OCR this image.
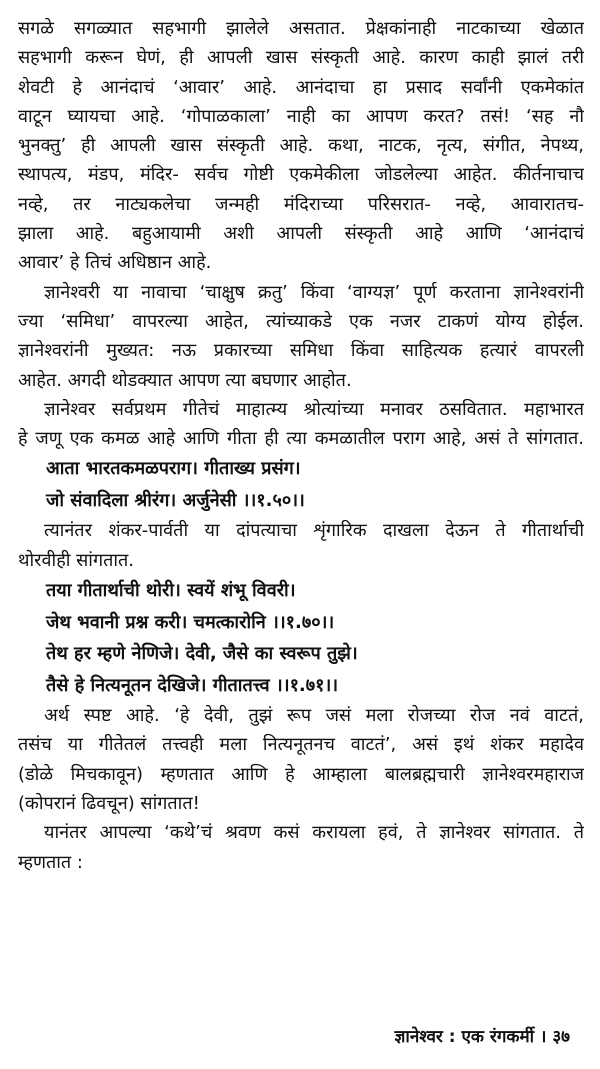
सगळे सगळ्यात सहभागी झालेले असतात. प्रेक्षकांनाही नाटकाच्या खेळात
सहभागी करून घेणं, ही आपली खास संस्कृती आहे. कारण काही झालं तरी
शेवटी हे आनंदाचं ‘आवार’ आहे. आनंदाचा हा प्रसाद सर्वांनी एकमेकांत
वाटून घ्यायचा आहे. ‘गोपाळकाला’ नाही का आपण करत? तसं! ‘सह नौ
भुनक्तु’ ही आपली खास संस्कृती आहे. कथा, नाटक, नृत्य, संगीत, नेपथ्य,
स्थापत्य, मंडप, मंदिर- सर्वच गोष्टी एकमेकीला जोडलेल्या आहेत. कीर्तनाचाच
नव्हे, तर नाट्यकलेचा जन्मही मंदिराच्या परिसरात- नव्हे, आवारातच-
झाला आहे. बहुआयामी अशी आपली संस्कृती आहे आणि ‘आनंदाचं
आवार’ हे तिचं अधिष्ठान आहे.
ज्ञानेश्वरी या नावाचा ‘चाक्षुष क्रतु’ किंवा ‘वाग्यज्ञ’ पूर्ण करताना ज्ञानेश्वरांनी
ज्या ‘समिधा’ वापरल्या आहेत, त्यांच्याकडे एक नजर टाकणं योग्य होईल.
ज्ञानेश्वरांनी मुख्यत: नऊ प्रकारच्या समिधा किंवा साहित्यक हत्यारं वापरली
आहेत. अगदी थोडक्यात आपण त्या बघणार आहोत.
ज्ञानेश्वर सर्वप्रथम गीतेचं माहात्म्य श्रोत्यांच्या मनावर ठसवितात. महाभारत
हे जणू एक कमळ आहे आणि गीता ही त्या कमळातील पराग आहे, असं ते सांगतात.
आता भारतकमळपराग। गीताख्य प्रसंग।
जो संवादिला श्रीरंग। अर्जुनेसी ।।१.५०।।
त्यानंतर शंकर-पार्वती या दांपत्याचा शृंगारिक दाखला देऊन ते गीतार्थाची
थोरवीही सांगतात.
तया गीतार्थाची थोरी। स्वयें शंभू विवरी।
जेथ भवानी प्रश्न करी। चमत्कारोनि ।।१.७०।।
तेथ हर म्हणे नेणिजे। देवी, जैसे का स्वरूप तुझे।
तैसे हे नित्यनूतन देखिजे। गीतातत्त्व ।।१.७१।।
अर्थ स्पष्ट आहे. ‘हे देवी, तुझं रूप जसं मला रोजच्या रोज नवं वाटतं,
तसंच या गीतेतलं तत्त्वही मला नित्यनूतनच वाटतं’, असं इथं शंकर महादेव
(डोळे मिचकावून) म्हणतात आणि हे आम्हाला बालब्रह्मचारी ज्ञानेश्वरमहाराज
(कोपरानं ढिवचून) सांगतात!
यानंतर आपल्या ‘कथे’चं श्रवण कसं करायला हवं, ते ज्ञानेश्वर सांगतात. ते
म्हणतात :
ज्ञानेश्वर : एक रंगकर्मी । ३७
